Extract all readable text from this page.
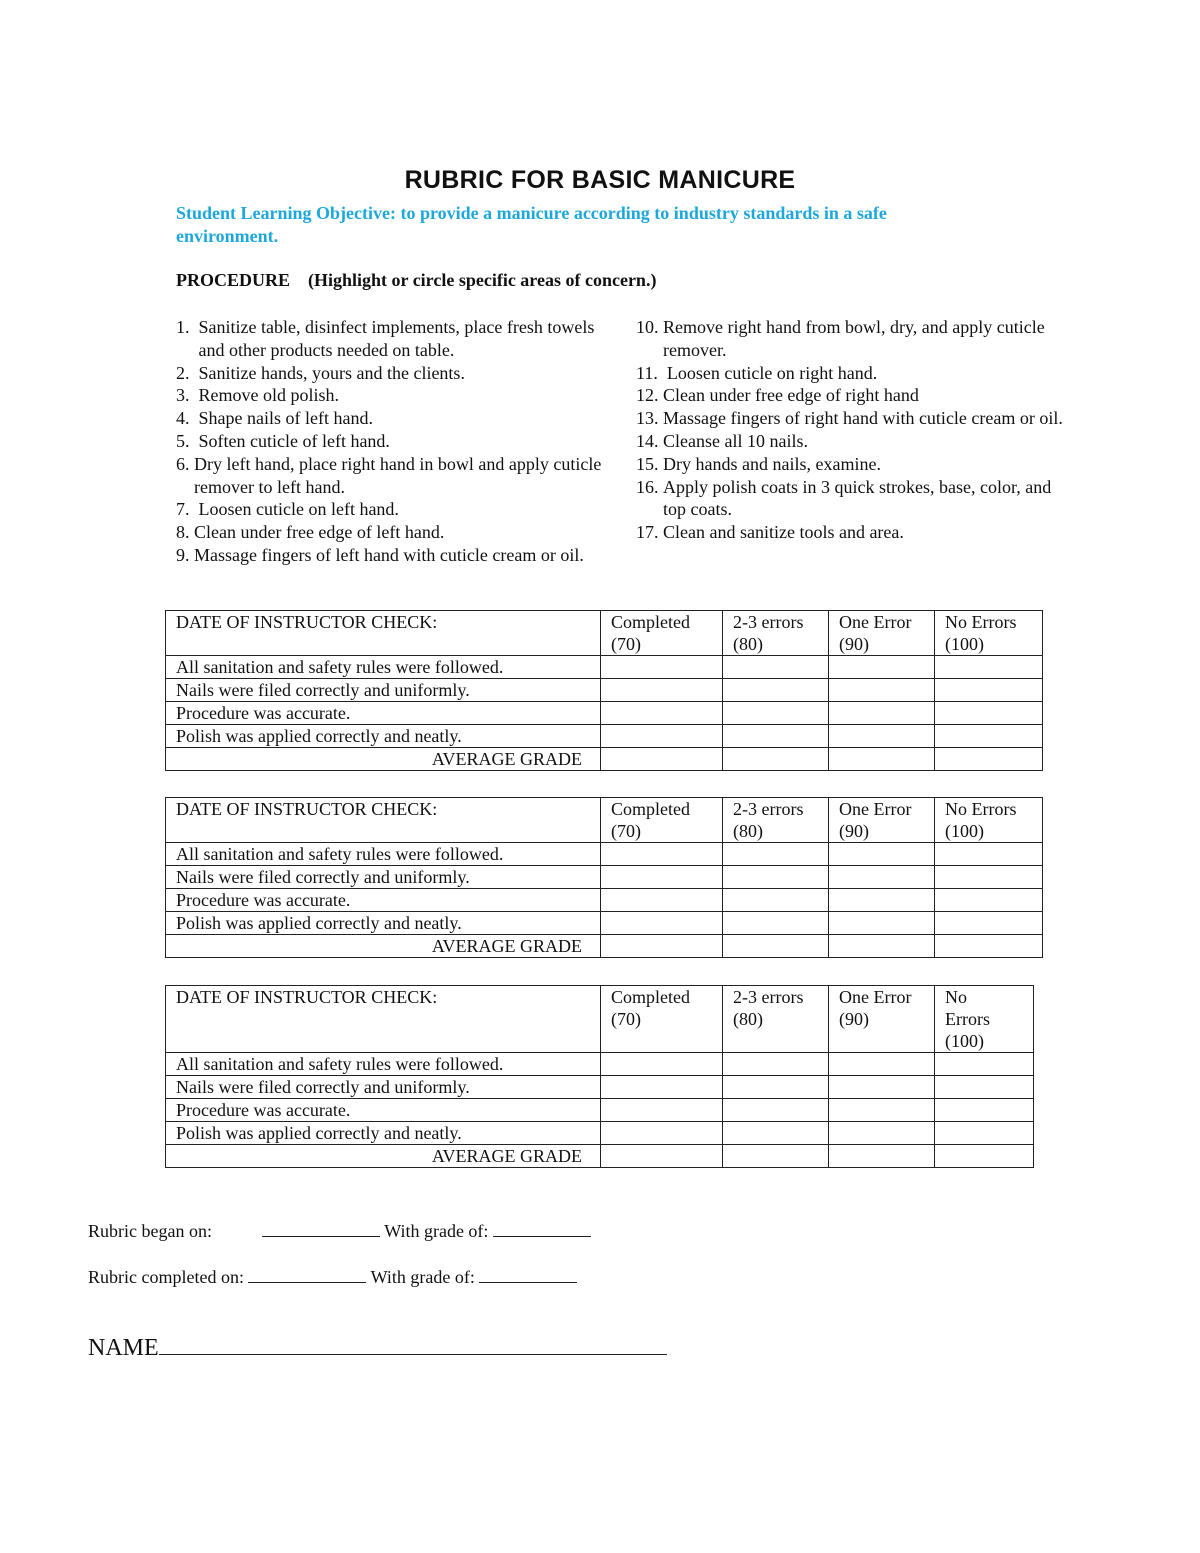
RUBRIC FOR BASIC MANICURE
Student Learning Objective: to provide a manicure according to industry standards in a safe environment.
PROCEDURE (Highlight or circle specific areas of concern.)
1. Sanitize table, disinfect implements, place fresh towels and other products needed on table.
2. Sanitize hands, yours and the clients.
3. Remove old polish.
4. Shape nails of left hand.
5. Soften cuticle of left hand.
6. Dry left hand, place right hand in bowl and apply cuticle remover to left hand.
7. Loosen cuticle on left hand.
8. Clean under free edge of left hand.
9. Massage fingers of left hand with cuticle cream or oil.
10. Remove right hand from bowl, dry, and apply cuticle remover.
11. Loosen cuticle on right hand.
12. Clean under free edge of right hand
13. Massage fingers of right hand with cuticle cream or oil.
14. Cleanse all 10 nails.
15. Dry hands and nails, examine.
16. Apply polish coats in 3 quick strokes, base, color, and top coats.
17. Clean and sanitize tools and area.
DATE OF INSTRUCTOR CHECK:	Completed (70)	2-3 errors (80)	One Error (90)	No Errors (100)
All sanitation and safety rules were followed.				
Nails were filed correctly and uniformly.				
Procedure was accurate.				
Polish was applied correctly and neatly.				
AVERAGE GRADE				
DATE OF INSTRUCTOR CHECK:	Completed (70)	2-3 errors (80)	One Error (90)	No Errors (100)
All sanitation and safety rules were followed.				
Nails were filed correctly and uniformly.				
Procedure was accurate.				
Polish was applied correctly and neatly.				
AVERAGE GRADE				
DATE OF INSTRUCTOR CHECK:	Completed (70)	2-3 errors (80)	One Error (90)	No Errors (100)
All sanitation and safety rules were followed.				
Nails were filed correctly and uniformly.				
Procedure was accurate.				
Polish was applied correctly and neatly.				
AVERAGE GRADE				
Rubric began on:	With grade of:
Rubric completed on:	With grade of:
NAME
